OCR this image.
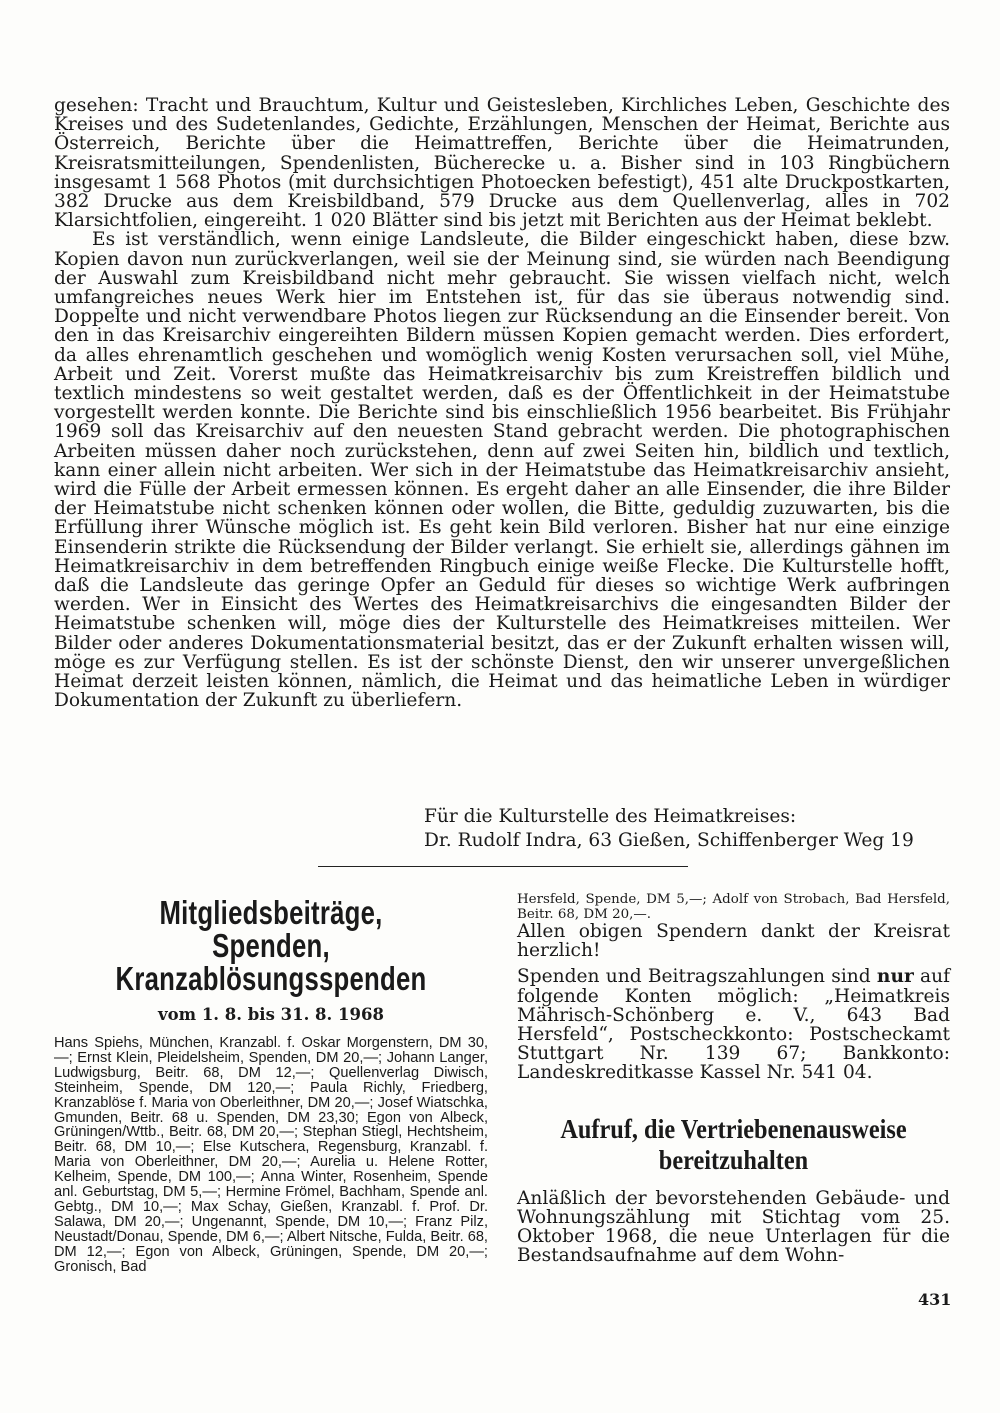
gesehen: Tracht und Brauchtum, Kultur und Geistesleben, Kirchliches Leben, Geschichte des Kreises und des Sudetenlandes, Gedichte, Erzählungen, Menschen der Heimat, Berichte aus Österreich, Berichte über die Heimattreffen, Berichte über die Heimatrunden, Kreisratsmitteilungen, Spendenlisten, Bücherecke u. a. Bisher sind in 103 Ringbüchern insgesamt 1 568 Photos (mit durchsichtigen Photoecken befestigt), 451 alte Druckpostkarten, 382 Drucke aus dem Kreisbildband, 579 Drucke aus dem Quellenverlag, alles in 702 Klarsichtfolien, eingereiht. 1 020 Blätter sind bis jetzt mit Berichten aus der Heimat beklebt.

Es ist verständlich, wenn einige Landsleute, die Bilder eingeschickt haben, diese bzw. Kopien davon nun zurückverlangen, weil sie der Meinung sind, sie würden nach Beendigung der Auswahl zum Kreisbildband nicht mehr gebraucht. Sie wissen vielfach nicht, welch umfangreiches neues Werk hier im Entstehen ist, für das sie überaus notwendig sind. Doppelte und nicht verwendbare Photos liegen zur Rücksendung an die Einsender bereit. Von den in das Kreisarchiv eingereihten Bildern müssen Kopien gemacht werden. Dies erfordert, da alles ehrenamtlich geschehen und womöglich wenig Kosten verursachen soll, viel Mühe, Arbeit und Zeit. Vorerst mußte das Heimatkreisarchiv bis zum Kreistreffen bildlich und textlich mindestens so weit gestaltet werden, daß es der Öffentlichkeit in der Heimatstube vorgestellt werden konnte. Die Berichte sind bis einschließlich 1956 bearbeitet. Bis Frühjahr 1969 soll das Kreisarchiv auf den neuesten Stand gebracht werden. Die photographischen Arbeiten müssen daher noch zurückstehen, denn auf zwei Seiten hin, bildlich und textlich, kann einer allein nicht arbeiten. Wer sich in der Heimatstube das Heimatkreisarchiv ansieht, wird die Fülle der Arbeit ermessen können. Es ergeht daher an alle Einsender, die ihre Bilder der Heimatstube nicht schenken können oder wollen, die Bitte, geduldig zuzuwarten, bis die Erfüllung ihrer Wünsche möglich ist. Es geht kein Bild verloren. Bisher hat nur eine einzige Einsenderin strikte die Rücksendung der Bilder verlangt. Sie erhielt sie, allerdings gähnen im Heimatkreisarchiv in dem betreffenden Ringbuch einige weiße Flecke. Die Kulturstelle hofft, daß die Landsleute das geringe Opfer an Geduld für dieses so wichtige Werk aufbringen werden. Wer in Einsicht des Wertes des Heimatkreisarchivs die eingesandten Bilder der Heimatstube schenken will, möge dies der Kulturstelle des Heimatkreises mitteilen. Wer Bilder oder anderes Dokumentationsmaterial besitzt, das er der Zukunft erhalten wissen will, möge es zur Verfügung stellen. Es ist der schönste Dienst, den wir unserer unvergeßlichen Heimat derzeit leisten können, nämlich, die Heimat und das heimatliche Leben in würdiger Dokumentation der Zukunft zu überliefern.

Für die Kulturstelle des Heimatkreises:
Dr. Rudolf Indra, 63 Gießen, Schiffenberger Weg 19
Mitgliedsbeiträge, Spenden,
Kranzablösungsspenden
vom 1. 8. bis 31. 8. 1968

Hans Spiehs, München, Kranzabl. f. Oskar Morgenstern, DM 30,—; Ernst Klein, Pleidelsheim, Spenden, DM 20,—; Johann Langer, Ludwigsburg, Beitr. 68, DM 12,—; Quellenverlag Diwisch, Steinheim, Spende, DM 120,—; Paula Richly, Friedberg, Kranzablöse f. Maria von Oberleithner, DM 20,—; Josef Wiatschka, Gmunden, Beitr. 68 u. Spenden, DM 23,30; Egon von Albeck, Grüningen/Wttb., Beitr. 68, DM 20,—; Stephan Stiegl, Hechtsheim, Beitr. 68, DM 10,—; Else Kutschera, Regensburg, Kranzabl. f. Maria von Oberleithner, DM 20,—; Aurelia u. Helene Rotter, Kelheim, Spende, DM 100,—; Anna Winter, Rosenheim, Spende anl. Geburtstag, DM 5,—; Hermine Frömel, Bachham, Spende anl. Gebtg., DM 10,—; Max Schay, Gießen, Kranzabl. f. Prof. Dr. Salawa, DM 20,—; Ungenannt, Spende, DM 10,—; Franz Pilz, Neustadt/Donau, Spende, DM 6,—; Albert Nitsche, Fulda, Beitr. 68, DM 12,—; Egon von Albeck, Grüningen, Spende, DM 20,—; Gronisch, Bad

Hersfeld, Spende, DM 5,—; Adolf von Strobach, Bad Hersfeld, Beitr. 68, DM 20,—.

Allen obigen Spendern dankt der Kreisrat herzlich!

Spenden und Beitragszahlungen sind nur auf folgende Konten möglich: „Heimatkreis Mährisch-Schönberg e. V., 643 Bad Hersfeld“, Postscheckkonto: Postscheckamt Stuttgart Nr. 139 67; Bankkonto: Landeskreditkasse Kassel Nr. 541 04.

Aufruf, die Vertriebenenausweise
bereitzuhalten

Anläßlich der bevorstehenden Gebäude- und Wohnungszählung mit Stichtag vom 25. Oktober 1968, die neue Unterlagen für die Bestandsaufnahme auf dem Wohn-

431
